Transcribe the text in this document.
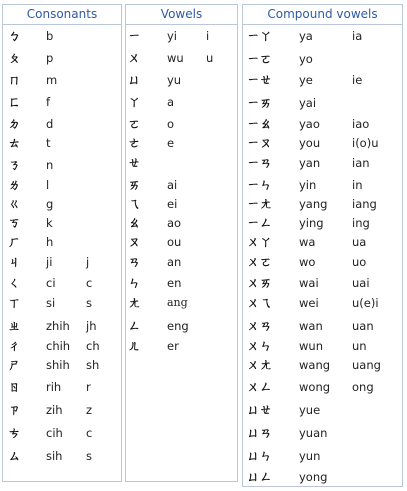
Consonants
ㄅ b
ㄆ p
ㄇ m
ㄈ f
ㄉ d
ㄊ t
ㄋ n
ㄌ l
ㄍ g
ㄎ k
ㄏ h
ㄐ ji	j
ㄑ ci	c
ㄒ si	s
ㄓ zhih jh
ㄔ chih ch
ㄕ shih sh
ㄖ rih r
ㄗ zih z
ㄘ cih c
ㄙ sih s
Vowels
ㄧ yi	i
ㄨ wu u
ㄩ yu
ㄚ a
ㄛ o
ㄜ e
ㄝ
ㄞ ai
ㄟ ei
ㄠ ao
ㄡ ou
ㄢ an
ㄣ en
ㄤ ang
ㄥ eng
ㄦ er
Compound vowels
ㄧㄚ ya	ia
ㄧㄛ yo
ㄧㄝ ye	ie
ㄧㄞ yai
ㄧㄠ yao	iao
ㄧㄡ you	i(o)u
ㄧㄢ yan	ian
ㄧㄣ yin	in
ㄧㄤ yang iang
ㄧㄥ ying ing
ㄨㄚ wa	ua
ㄨㄛ wo	uo
ㄨㄞ wai	uai
ㄨㄟ wei	u(e)i
ㄨㄢ wan	uan
ㄨㄣ wun	un
ㄨㄤ wang uang
ㄨㄥ wong ong
ㄩㄝ yue
ㄩㄢ yuan
ㄩㄣ yun
ㄩㄥ yong
